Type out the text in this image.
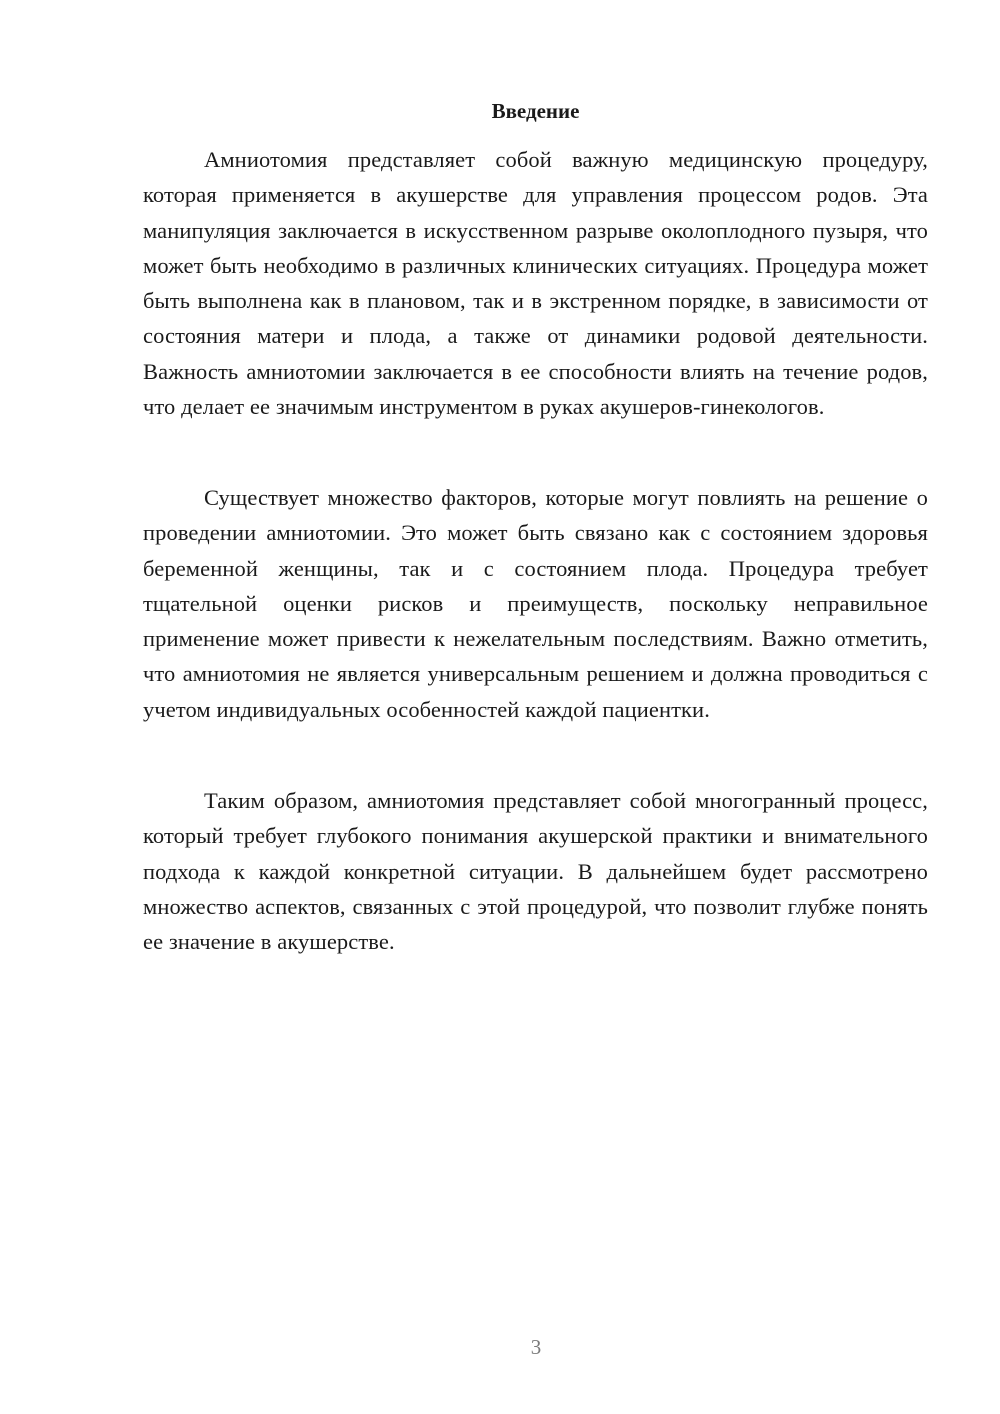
Введение

Амниотомия представляет собой важную медицинскую процедуру, которая применяется в акушерстве для управления процессом родов. Эта манипуляция заключается в искусственном разрыве околоплодного пузыря, что может быть необходимо в различных клинических ситуациях. Процедура может быть выполнена как в плановом, так и в экстренном порядке, в зависимости от состояния матери и плода, а также от динамики родовой деятельности. Важность амниотомии заключается в ее способности влиять на течение родов, что делает ее значимым инструментом в руках акушеров-гинекологов.

Существует множество факторов, которые могут повлиять на решение о проведении амниотомии. Это может быть связано как с состоянием здоровья беременной женщины, так и с состоянием плода. Процедура требует тщательной оценки рисков и преимуществ, поскольку неправильное применение может привести к нежелательным последствиям. Важно отметить, что амниотомия не является универсальным решением и должна проводиться с учетом индивидуальных особенностей каждой пациентки.

Таким образом, амниотомия представляет собой многогранный процесс, который требует глубокого понимания акушерской практики и внимательного подхода к каждой конкретной ситуации. В дальнейшем будет рассмотрено множество аспектов, связанных с этой процедурой, что позволит глубже понять ее значение в акушерстве.

3
